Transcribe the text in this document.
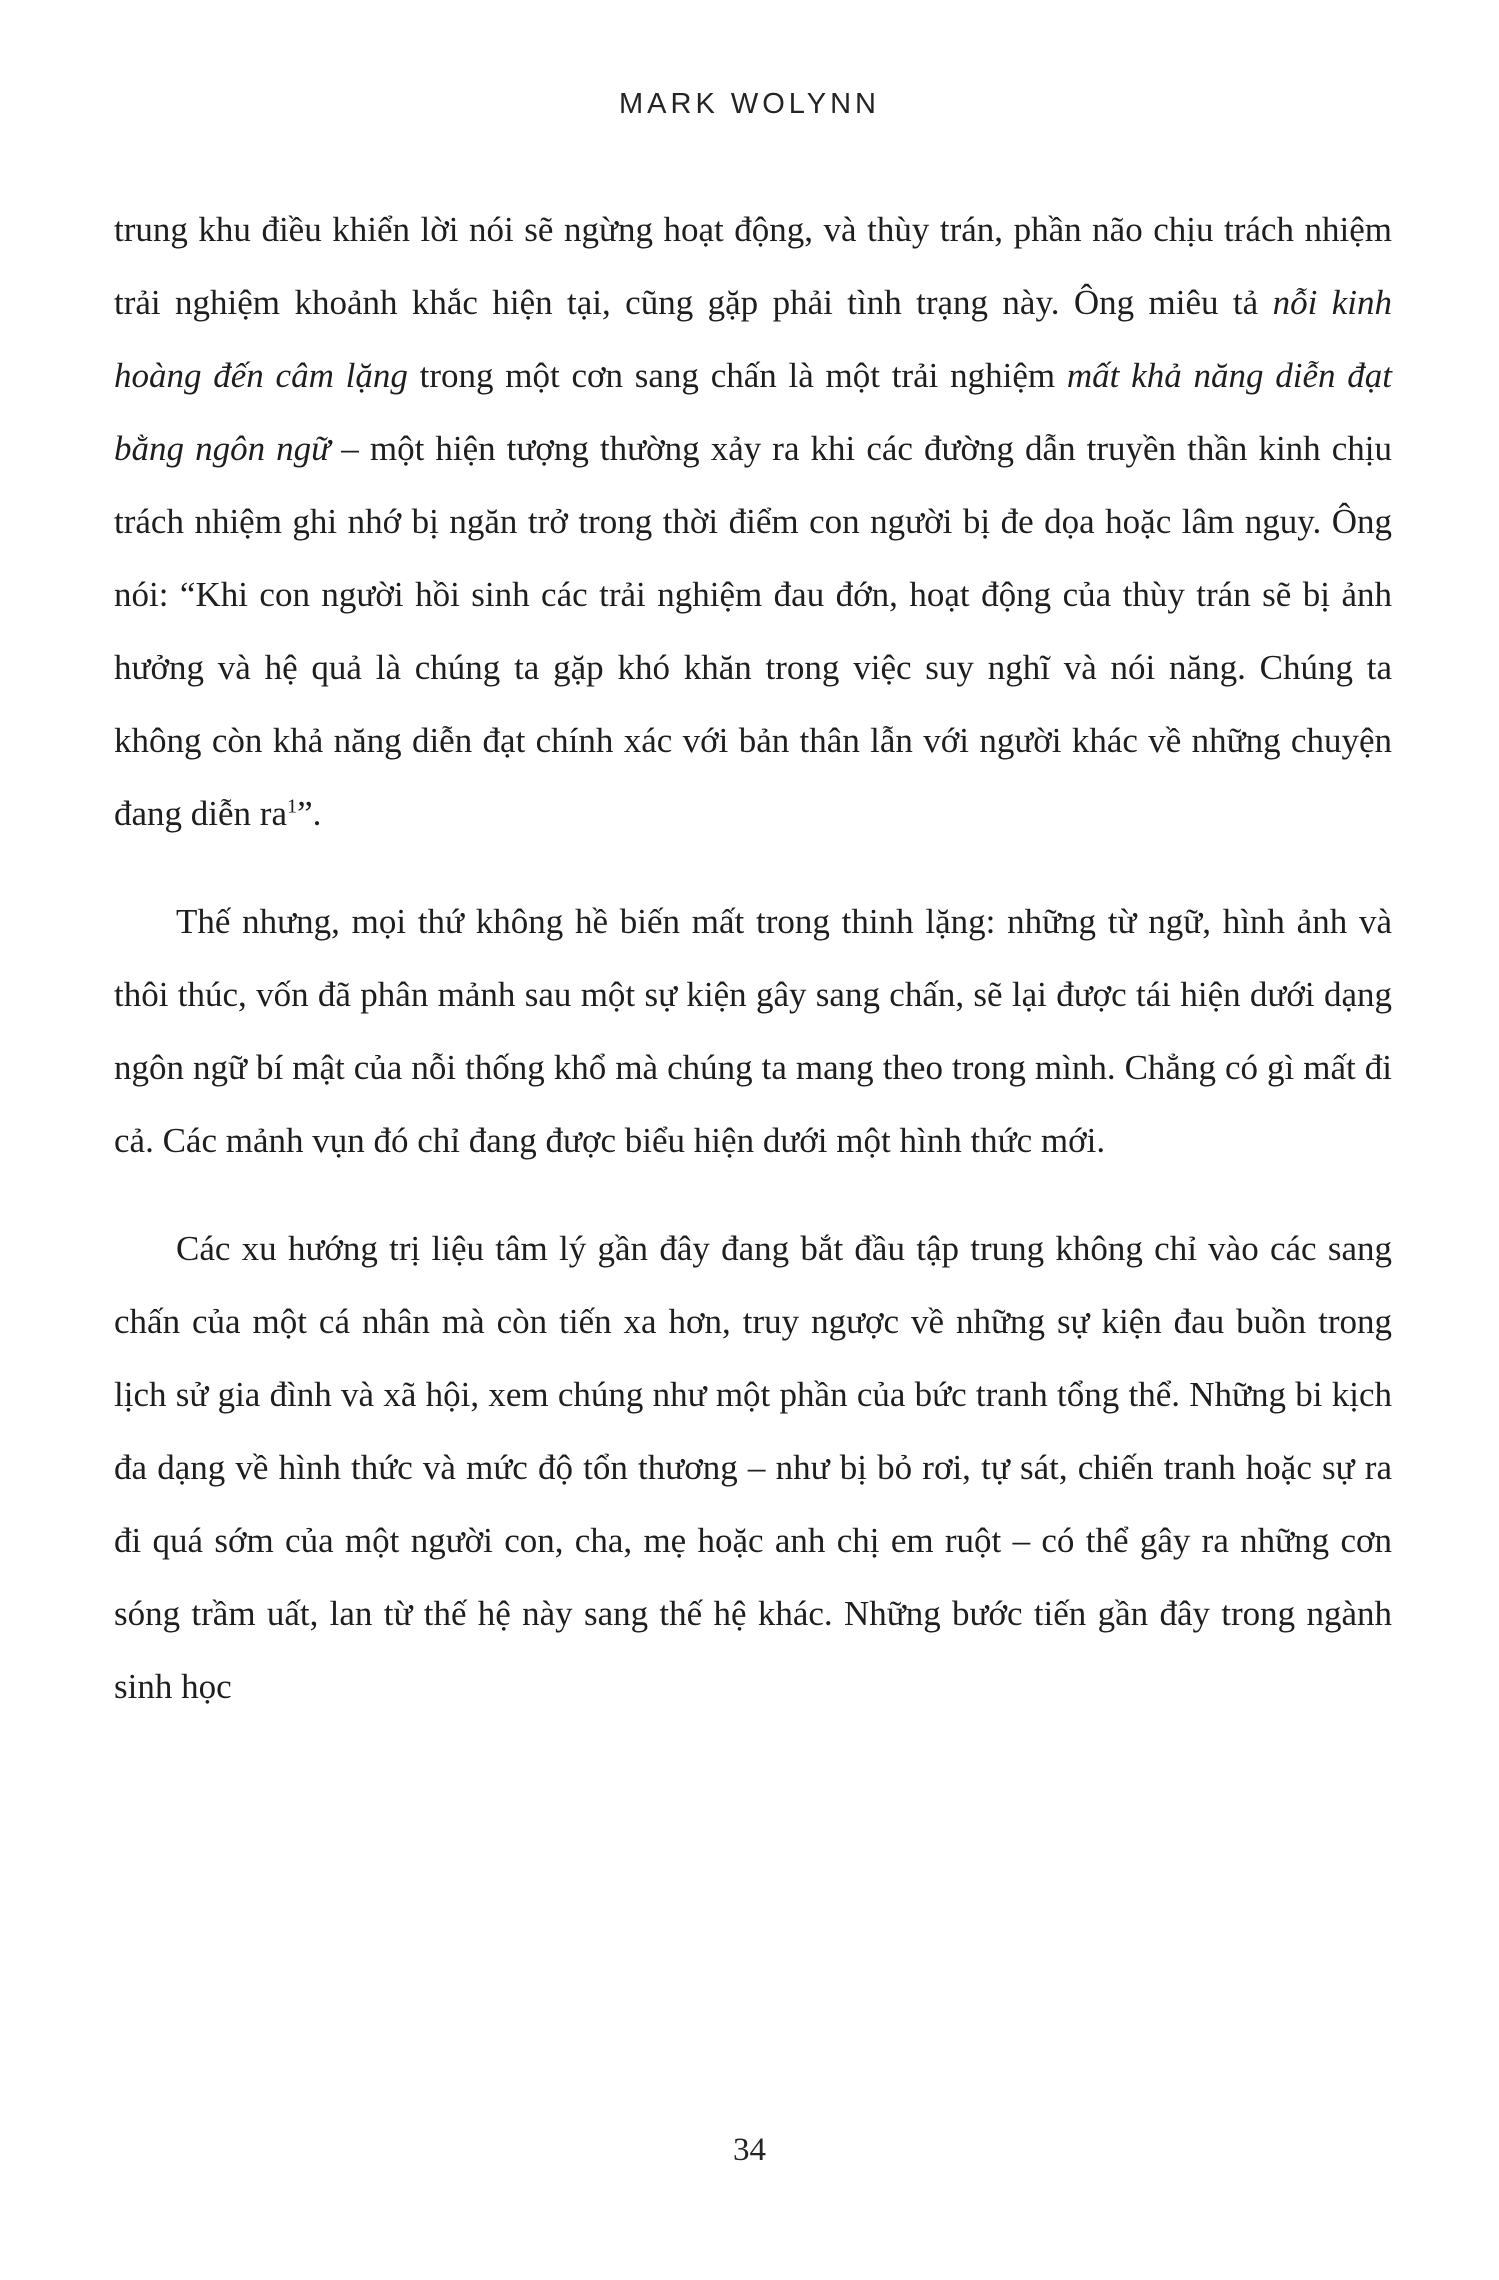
MARK WOLYNN

trung khu điều khiển lời nói sẽ ngừng hoạt động, và thùy trán, phần não chịu trách nhiệm trải nghiệm khoảnh khắc hiện tại, cũng gặp phải tình trạng này. Ông miêu tả nỗi kinh hoàng đến câm lặng trong một cơn sang chấn là một trải nghiệm mất khả năng diễn đạt bằng ngôn ngữ – một hiện tượng thường xảy ra khi các đường dẫn truyền thần kinh chịu trách nhiệm ghi nhớ bị ngăn trở trong thời điểm con người bị đe dọa hoặc lâm nguy. Ông nói: “Khi con người hồi sinh các trải nghiệm đau đớn, hoạt động của thùy trán sẽ bị ảnh hưởng và hệ quả là chúng ta gặp khó khăn trong việc suy nghĩ và nói năng. Chúng ta không còn khả năng diễn đạt chính xác với bản thân lẫn với người khác về những chuyện đang diễn $ra^1$”.

Thế nhưng, mọi thứ không hề biến mất trong thinh lặng: những từ ngữ, hình ảnh và thôi thúc, vốn đã phân mảnh sau một sự kiện gây sang chấn, sẽ lại được tái hiện dưới dạng ngôn ngữ bí mật của nỗi thống khổ mà chúng ta mang theo trong mình. Chẳng có gì mất đi cả. Các mảnh vụn đó chỉ đang được biểu hiện dưới một hình thức mới.

Các xu hướng trị liệu tâm lý gần đây đang bắt đầu tập trung không chỉ vào các sang chấn của một cá nhân mà còn tiến xa hơn, truy ngược về những sự kiện đau buồn trong lịch sử gia đình và xã hội, xem chúng như một phần của bức tranh tổng thể. Những bi kịch đa dạng về hình thức và mức độ tổn thương – như bị bỏ rơi, tự sát, chiến tranh hoặc sự ra đi quá sớm của một người con, cha, mẹ hoặc anh chị em ruột – có thể gây ra những cơn sóng trầm uất, lan từ thế hệ này sang thế hệ khác. Những bước tiến gần đây trong ngành sinh học

34
